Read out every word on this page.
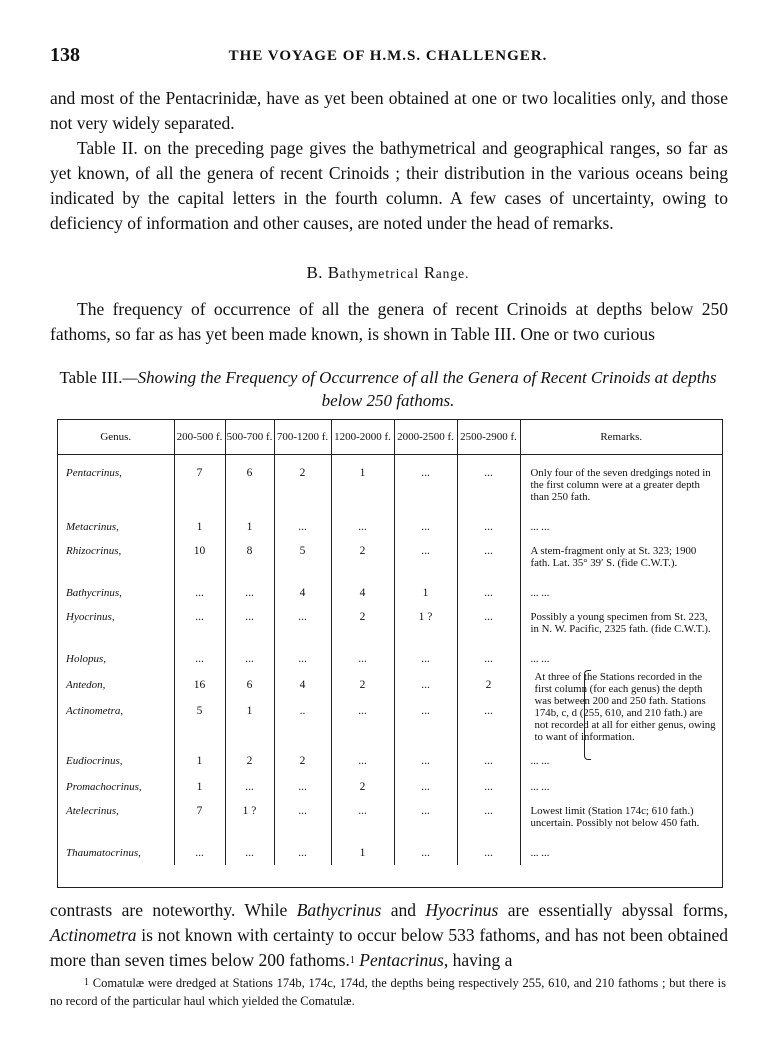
138	THE VOYAGE OF H.M.S. CHALLENGER.

and most of the Pentacrinidæ, have as yet been obtained at one or two localities only, and those not very widely separated.

Table II. on the preceding page gives the bathymetrical and geographical ranges, so far as yet known, of all the genera of recent Crinoids ; their distribution in the various oceans being indicated by the capital letters in the fourth column. A few cases of uncertainty, owing to deficiency of information and other causes, are noted under the head of remarks.

B. Bathymetrical Range.

The frequency of occurrence of all the genera of recent Crinoids at depths below 250 fathoms, so far as has yet been made known, is shown in Table III. One or two curious

Table III.—Showing the Frequency of Occurrence of all the Genera of Recent Crinoids at depths below 250 fathoms.
Genus.	200-500 f.	500-700 f.	700-1200 f.	1200-2000 f.	2000-2500 f.	2500-2900 f.	Remarks.
Pentacrinus,	7	6	2	1	...	...	Only four of the seven dredgings noted in the first column were at a greater depth than 250 fath.
Metacrinus,	1	1	...	...	...	...	... ...
Rhizocrinus,	10	8	5	2	...	...	A stem-fragment only at St. 323; 1900 fath. Lat. 35° 39′ S. (fide C.W.T.).
Bathycrinus,	...	...	4	4	1	...	... ...
Hyocrinus,	...	...	...	2	1 ?	...	Possibly a young specimen from St. 223, in N. W. Pacific, 2325 fath. (fide C.W.T.).
Holopus,	...	...	...	...	...	...	... ...
Antedon,	16	6	4	2	...	2	At three of the Stations recorded in the first column (for each genus) the depth was between 200 and 250 fath. Stations 174b, c, d (255, 610, and 210 fath.) are not recorded at all for either genus, owing to want of information.
Actinometra,	5	1	..	...	...	...	
Eudiocrinus,	1	2	2	...	...	...	... ...
Promachocrinus,	1	...	...	2	...	...	... ...
Atelecrinus,	7	1 ?	...	...	...	...	Lowest limit (Station 174c; 610 fath.) uncertain. Possibly not below 450 fath.
Thaumatocrinus,	...	...	...	1	...	...	... ...

contrasts are noteworthy. While Bathycrinus and Hyocrinus are essentially abyssal forms, Actinometra is not known with certainty to occur below 533 fathoms, and has not been obtained more than seven times below 200 fathoms.$^1$ Pentacrinus, having a

$^1$ Comatulæ were dredged at Stations 174b, 174c, 174d, the depths being respectively 255, 610, and 210 fathoms ; but there is no record of the particular haul which yielded the Comatulæ.
